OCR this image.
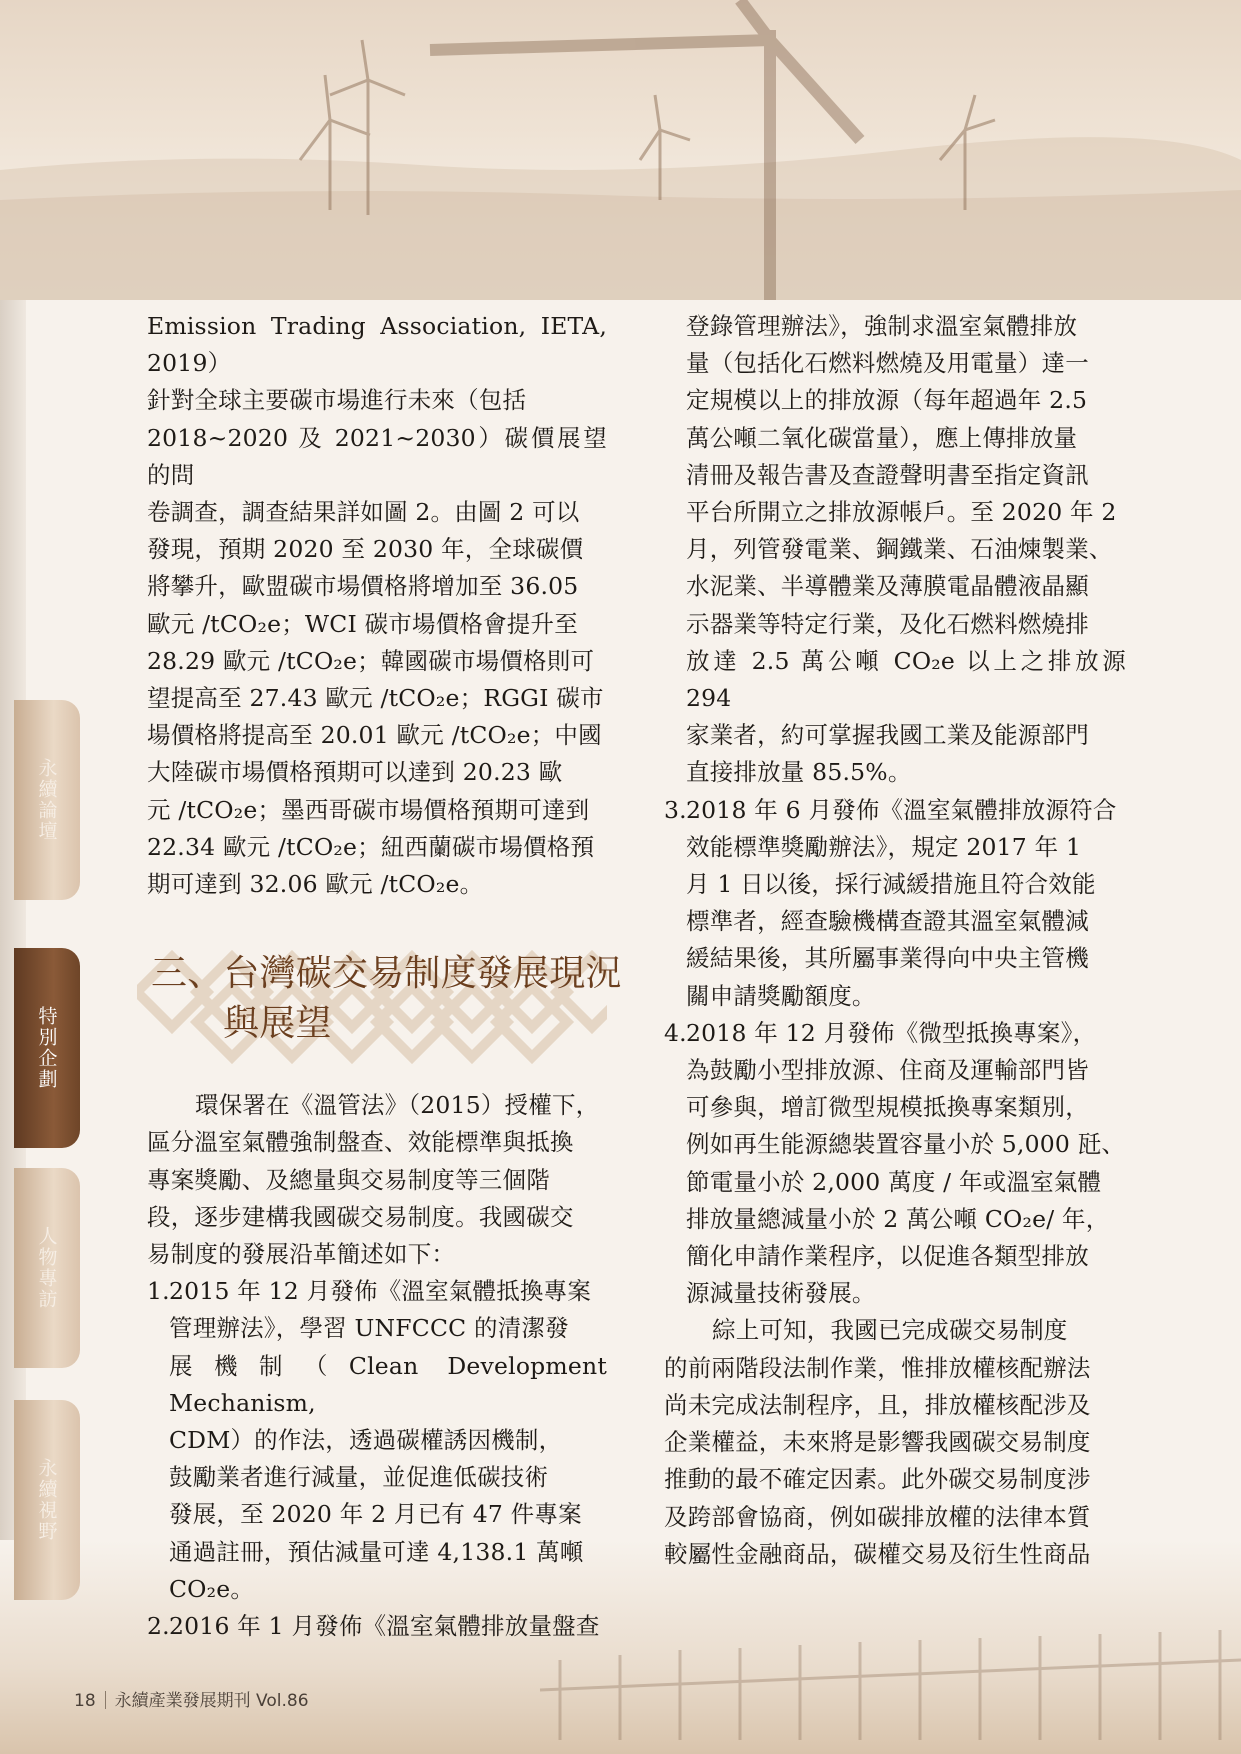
永續論壇
特別企劃
人物專訪
永續視野
Emission Trading Association, IETA, 2019）
針對全球主要碳市場進行未來（包括
2018~2020 及 2021~2030）碳價展望的問
卷調查，調查結果詳如圖 2。由圖 2 可以
發現，預期 2020 至 2030 年，全球碳價
將攀升，歐盟碳市場價格將增加至 36.05
歐元 /tCO₂e；WCI 碳市場價格會提升至
28.29 歐元 /tCO₂e；韓國碳市場價格則可
望提高至 27.43 歐元 /tCO₂e；RGGI 碳市
場價格將提高至 20.01 歐元 /tCO₂e；中國
大陸碳市場價格預期可以達到 20.23 歐
元 /tCO₂e；墨西哥碳市場價格預期可達到
22.34 歐元 /tCO₂e；紐西蘭碳市場價格預
期可達到 32.06 歐元 /tCO₂e。
三、台灣碳交易制度發展現況
與展望
環保署在《溫管法》（2015）授權下，
區分溫室氣體強制盤查、效能標準與抵換
專案獎勵、及總量與交易制度等三個階
段，逐步建構我國碳交易制度。我國碳交
易制度的發展沿革簡述如下：
1. 2015 年 12 月發佈《溫室氣體抵換專案
管理辦法》，學習 UNFCCC 的清潔發
展機制（Clean Development Mechanism,
CDM）的作法，透過碳權誘因機制，
鼓勵業者進行減量，並促進低碳技術
發展，至 2020 年 2 月已有 47 件專案
通過註冊，預估減量可達 4,138.1 萬噸
CO₂e。
2. 2016 年 1 月發佈《溫室氣體排放量盤查
登錄管理辦法》，強制求溫室氣體排放
量（包括化石燃料燃燒及用電量）達一
定規模以上的排放源（每年超過年 2.5
萬公噸二氧化碳當量），應上傳排放量
清冊及報告書及查證聲明書至指定資訊
平台所開立之排放源帳戶。至 2020 年 2
月，列管發電業、鋼鐵業、石油煉製業、
水泥業、半導體業及薄膜電晶體液晶顯
示器業等特定行業，及化石燃料燃燒排
放達 2.5 萬公噸 CO₂e 以上之排放源 294
家業者，約可掌握我國工業及能源部門
直接排放量 85.5%。
3. 2018 年 6 月發佈《溫室氣體排放源符合
效能標準獎勵辦法》，規定 2017 年 1
月 1 日以後，採行減緩措施且符合效能
標準者，經查驗機構查證其溫室氣體減
緩結果後，其所屬事業得向中央主管機
關申請獎勵額度。
4. 2018 年 12 月發佈《微型抵換專案》，
為鼓勵小型排放源、住商及運輸部門皆
可參與，增訂微型規模抵換專案類別，
例如再生能源總裝置容量小於 5,000 瓩、
節電量小於 2,000 萬度 / 年或溫室氣體
排放量總減量小於 2 萬公噸 CO₂e/ 年，
簡化申請作業程序，以促進各類型排放
源減量技術發展。
綜上可知，我國已完成碳交易制度
的前兩階段法制作業，惟排放權核配辦法
尚未完成法制程序，且，排放權核配涉及
企業權益，未來將是影響我國碳交易制度
推動的最不確定因素。此外碳交易制度涉
及跨部會協商，例如碳排放權的法律本質
較屬性金融商品，碳權交易及衍生性商品
18 永續產業發展期刊 Vol.86
